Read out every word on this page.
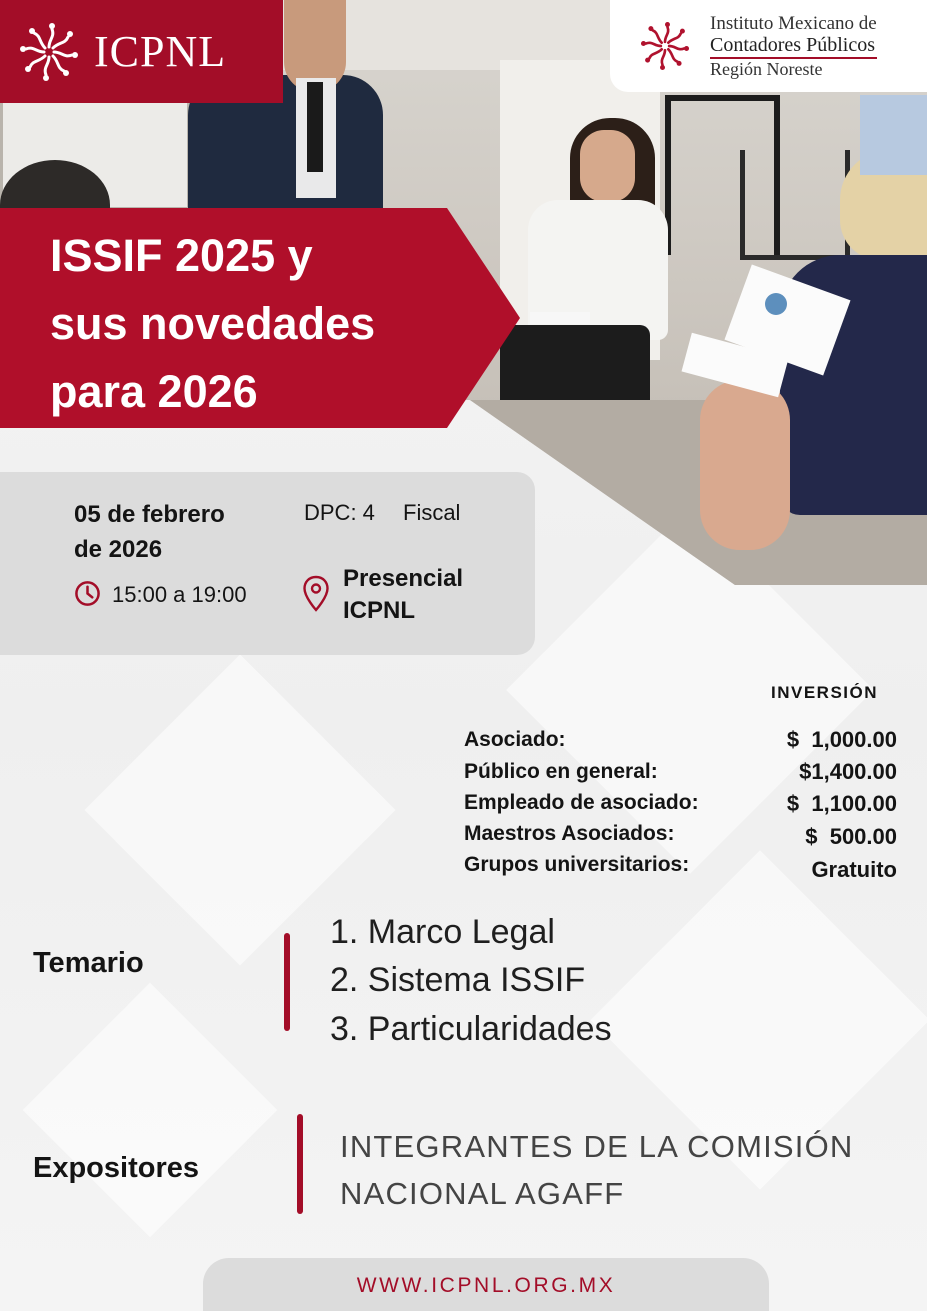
ICPNL
Instituto Mexicano de
Contadores Públicos
Región Noreste
ISSIF 2025 y
sus novedades
para 2026
05 de febrero
de 2026
15:00 a 19:00
DPC: 4 Fiscal
Presencial
ICPNL
INVERSIÓN
Asociado:	$  1,000.00
Público en general:	$1,400.00
Empleado de asociado:	$  1,100.00
Maestros Asociados:	$  500.00
Grupos universitarios:	Gratuito
Temario
1. Marco Legal
2. Sistema ISSIF
3. Particularidades
Expositores
INTEGRANTES DE LA COMISIÓN
NACIONAL AGAFF
WWW.ICPNL.ORG.MX
